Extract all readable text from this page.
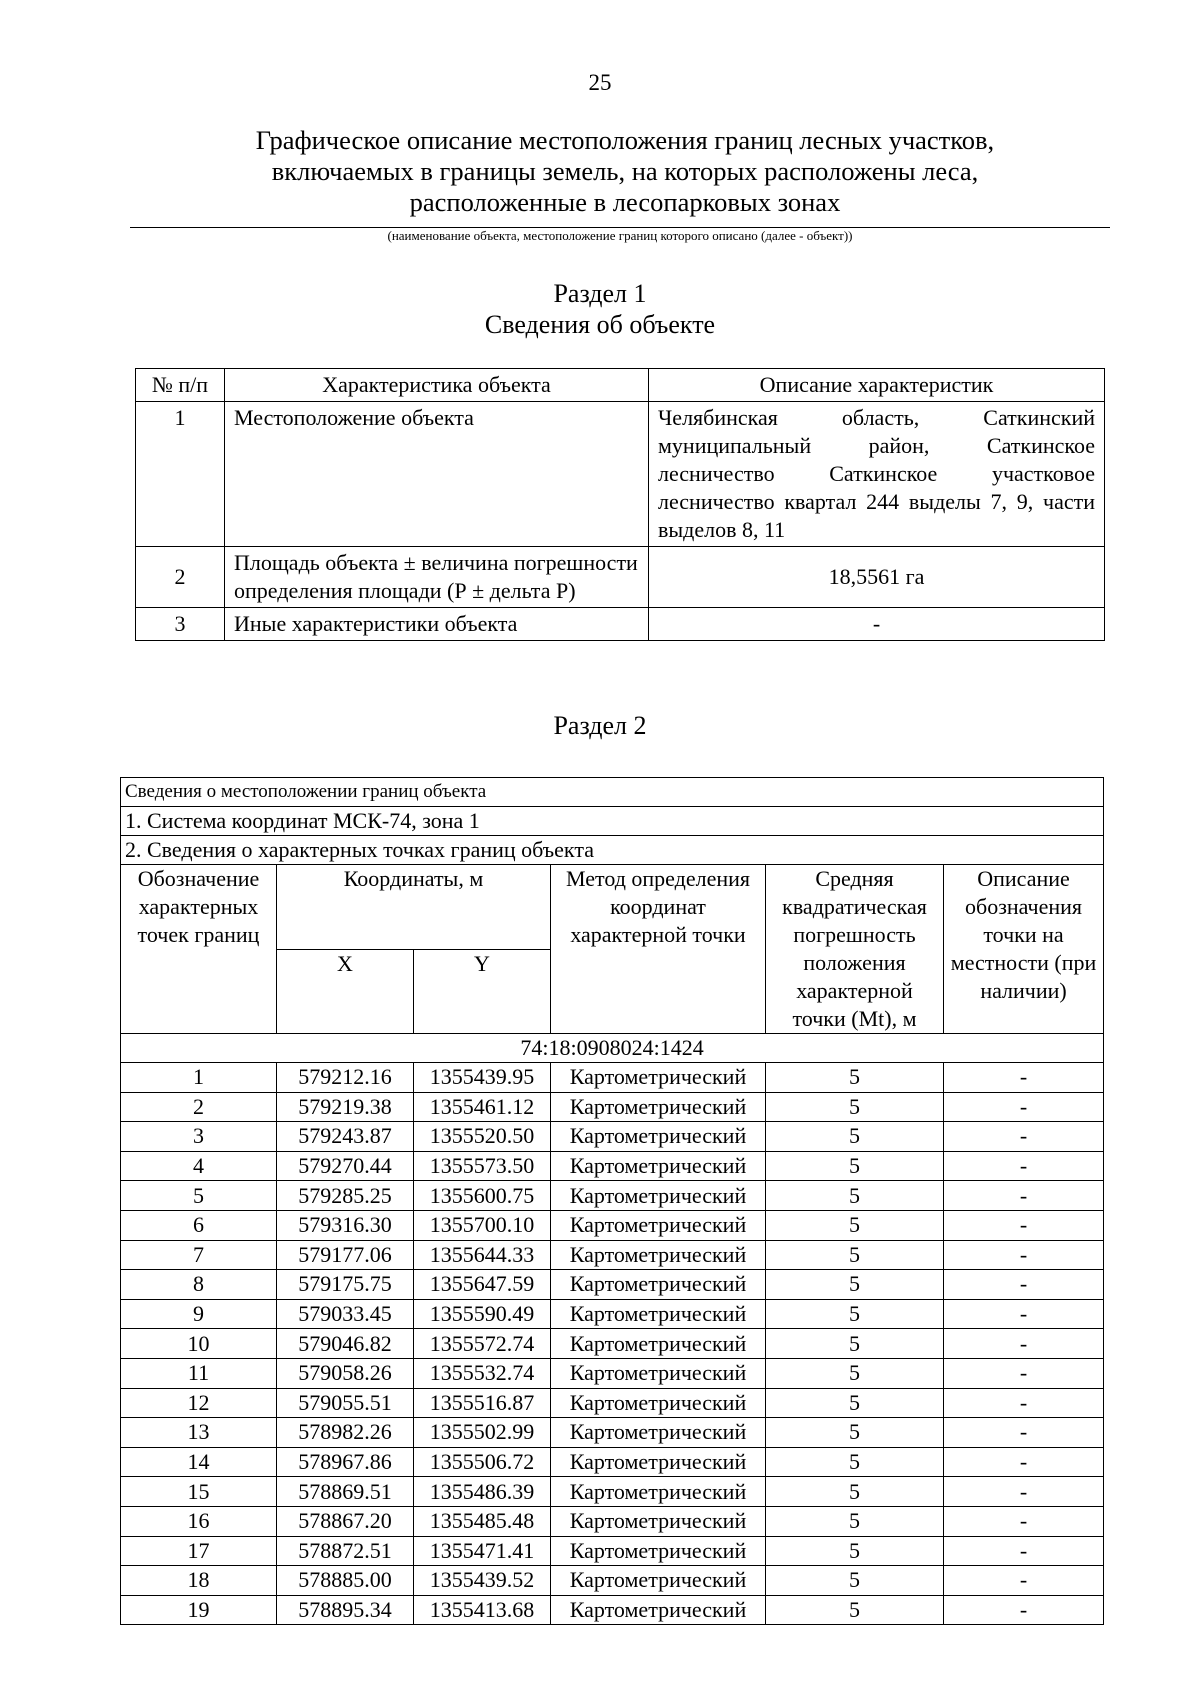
25
Графическое описание местоположения границ лесных участков,
включаемых в границы земель, на которых расположены леса,
расположенные в лесопарковых зонах
(наименование объекта, местоположение границ которого описано (далее - объект))
Раздел 1
Сведения об объекте
№ п/п	Характеристика объекта	Описание характеристик
1	Местоположение объекта	Челябинская область, Саткинский муниципальный район, Саткинское лесничество Саткинское участковое лесничество квартал 244 выделы 7, 9, части выделов 8, 11
2	Площадь объекта ± величина погрешности определения площади (Р ± дельта Р)	18,5561 га
3	Иные характеристики объекта	-
Раздел 2
Сведения о местоположении границ объекта					
1. Система координат МСК-74, зона 1					
2. Сведения о характерных точках границ объекта					
Обозначение характерных точек границ	Координаты, м		Метод определения координат характерной точки	Средняя квадратическая погрешность положения характерной точки (Mt), м	Описание обозначения точки на местности (при наличии)
	X	Y			
74:18:0908024:1424					
1	579212.16	1355439.95	Картометрический	5	-
2	579219.38	1355461.12	Картометрический	5	-
3	579243.87	1355520.50	Картометрический	5	-
4	579270.44	1355573.50	Картометрический	5	-
5	579285.25	1355600.75	Картометрический	5	-
6	579316.30	1355700.10	Картометрический	5	-
7	579177.06	1355644.33	Картометрический	5	-
8	579175.75	1355647.59	Картометрический	5	-
9	579033.45	1355590.49	Картометрический	5	-
10	579046.82	1355572.74	Картометрический	5	-
11	579058.26	1355532.74	Картометрический	5	-
12	579055.51	1355516.87	Картометрический	5	-
13	578982.26	1355502.99	Картометрический	5	-
14	578967.86	1355506.72	Картометрический	5	-
15	578869.51	1355486.39	Картометрический	5	-
16	578867.20	1355485.48	Картометрический	5	-
17	578872.51	1355471.41	Картометрический	5	-
18	578885.00	1355439.52	Картометрический	5	-
19	578895.34	1355413.68	Картометрический	5	-
